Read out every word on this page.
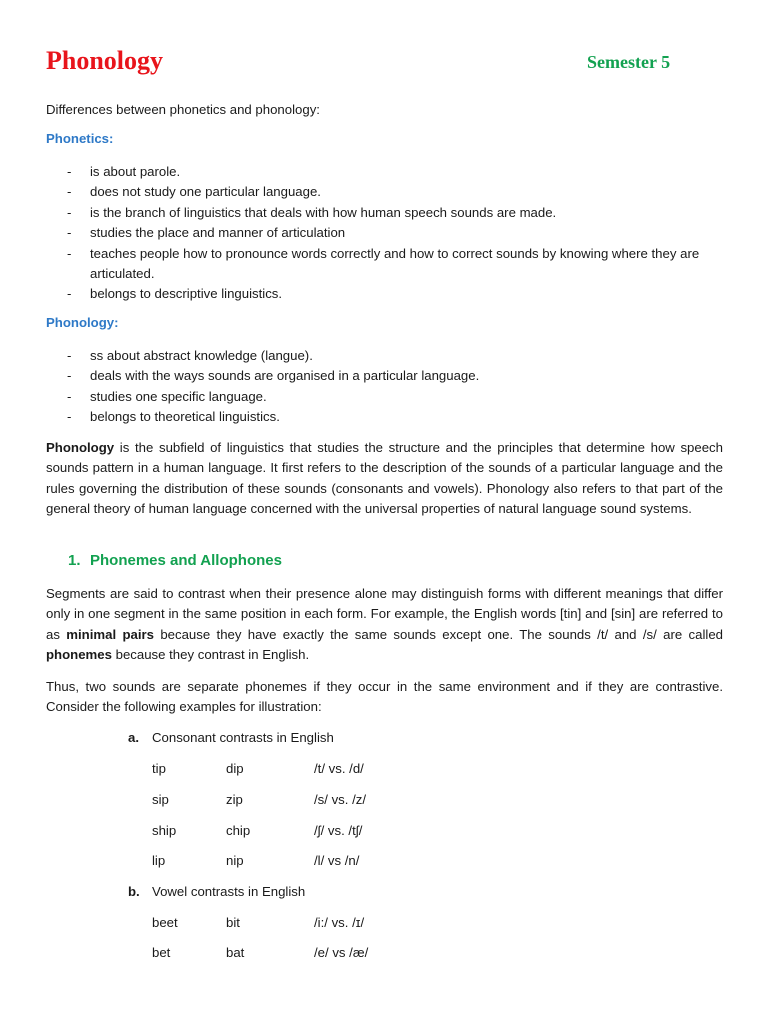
Phonology	Semester 5
Differences between phonetics and phonology:
Phonetics:
- is about parole.
- does not study one particular language.
- is the branch of linguistics that deals with how human speech sounds are made.
- studies the place and manner of articulation
- teaches people how to pronounce words correctly and how to correct sounds by knowing where they are articulated.
- belongs to descriptive linguistics.
Phonology:
- ss about abstract knowledge (langue).
- deals with the ways sounds are organised in a particular language.
- studies one specific language.
- belongs to theoretical linguistics.
Phonology is the subfield of linguistics that studies the structure and the principles that determine how speech sounds pattern in a human language. It first refers to the description of the sounds of a particular language and the rules governing the distribution of these sounds (consonants and vowels). Phonology also refers to that part of the general theory of human language concerned with the universal properties of natural language sound systems.
1. Phonemes and Allophones
Segments are said to contrast when their presence alone may distinguish forms with different meanings that differ only in one segment in the same position in each form. For example, the English words [tin] and [sin] are referred to as minimal pairs because they have exactly the same sounds except one. The sounds /t/ and /s/ are called phonemes because they contrast in English.
Thus, two sounds are separate phonemes if they occur in the same environment and if they are contrastive. Consider the following examples for illustration:
a. Consonant contrasts in English
tip	dip	/t/ vs. /d/
sip	zip	/s/ vs. /z/
ship	chip	/ʃ/ vs. /tʃ/
lip	nip	/l/ vs /n/
b. Vowel contrasts in English
beet	bit	/i:/ vs. /ɪ/
bet	bat	/e/ vs /æ/
